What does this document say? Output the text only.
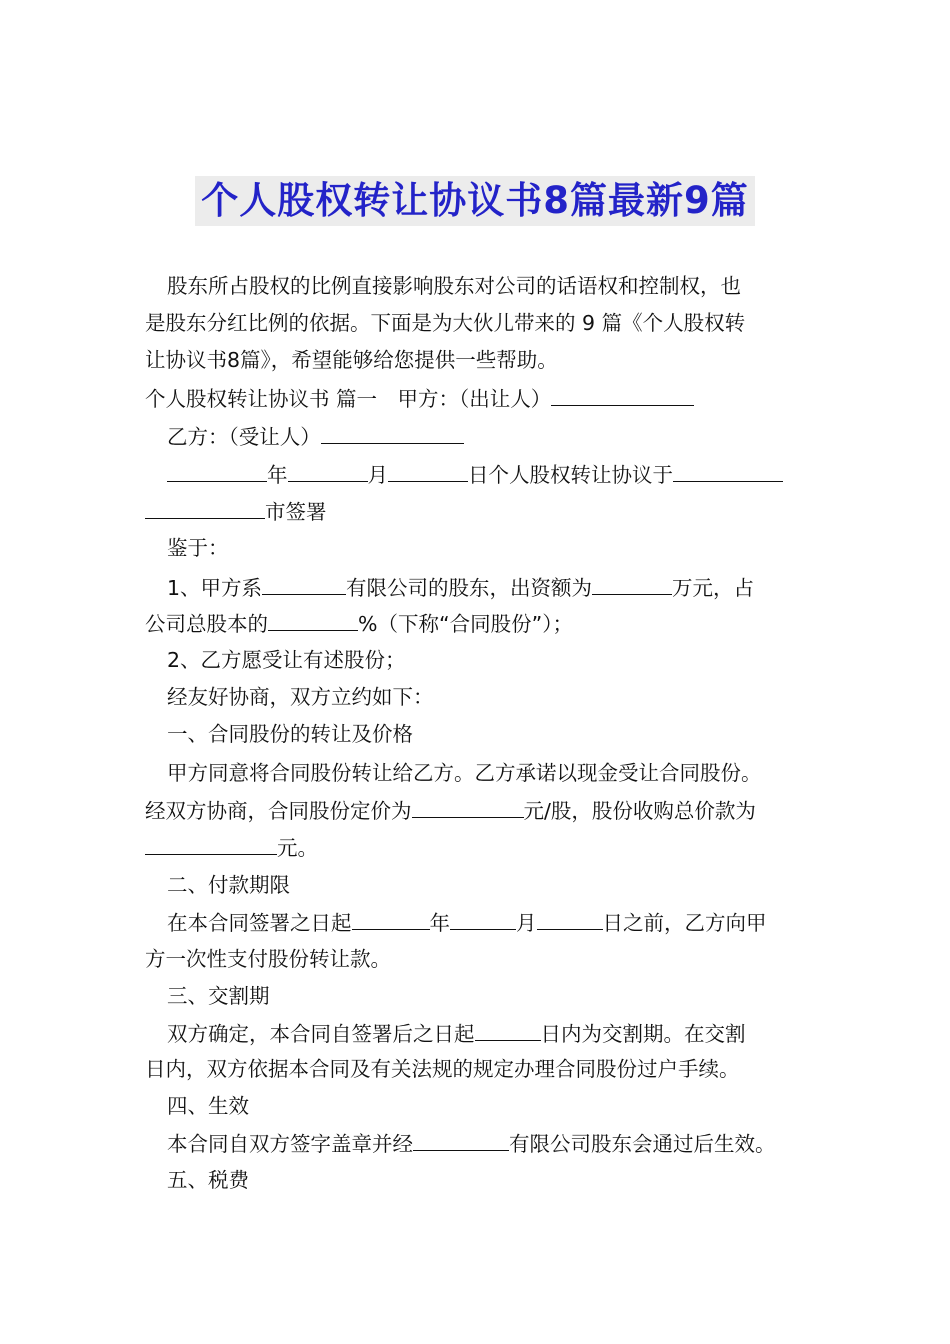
个人股权转让协议书8篇最新9篇
股东所占股权的比例直接影响股东对公司的话语权和控制权，也
是股东分红比例的依据。下面是为大伙儿带来的 9 篇《个人股权转
让协议书8篇》，希望能够给您提供一些帮助。
个人股权转让协议书 篇一　甲方：（出让人）
乙方：（受让人）
年	月	日个人股权转让协议于
市签署
鉴于：
1、甲方系	有限公司的股东，出资额为	万元，占
公司总股本的	%（下称“合同股份”）；
2、乙方愿受让有述股份；
经友好协商，双方立约如下：
一、合同股份的转让及价格
甲方同意将合同股份转让给乙方。乙方承诺以现金受让合同股份。
经双方协商，合同股份定价为	元/股，股份收购总价款为
元。
二、付款期限
在本合同签署之日起	年	月	日之前，乙方向甲
方一次性支付股份转让款。
三、交割期
双方确定，本合同自签署后之日起	日内为交割期。在交割
日内，双方依据本合同及有关法规的规定办理合同股份过户手续。
四、生效
本合同自双方签字盖章并经	有限公司股东会通过后生效。
五、税费
